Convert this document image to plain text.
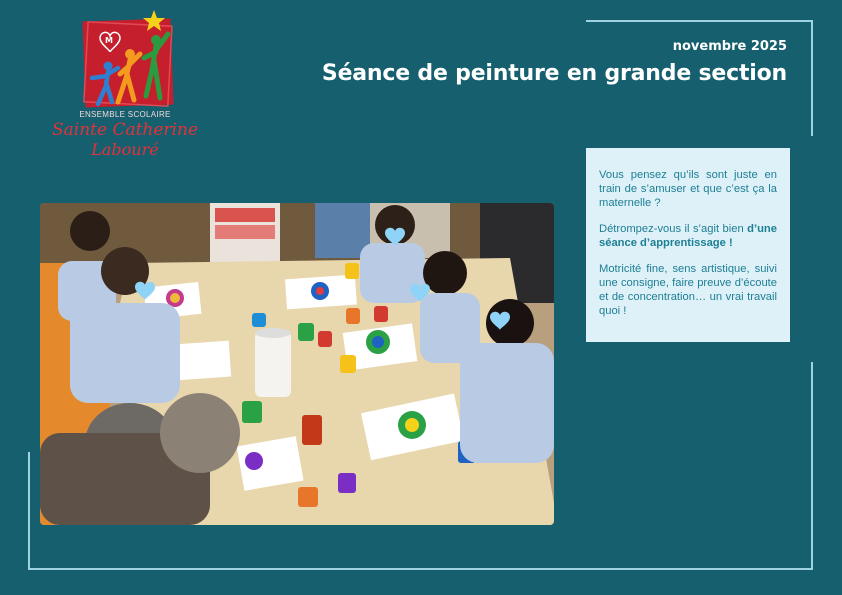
M
ENSEMBLE SCOLAIRE
Sainte Catherine
Labouré
novembre 2025
Séance de peinture en grande section

Vous pensez qu’ils sont juste en train de s’amuser et que c’est ça la maternelle ?

Détrompez-vous il s’agit bien d’une séance d’apprentissage !

Motricité fine, sens artistique, suivi une consigne, faire preuve d’écoute et de concentration… un vrai travail quoi !
